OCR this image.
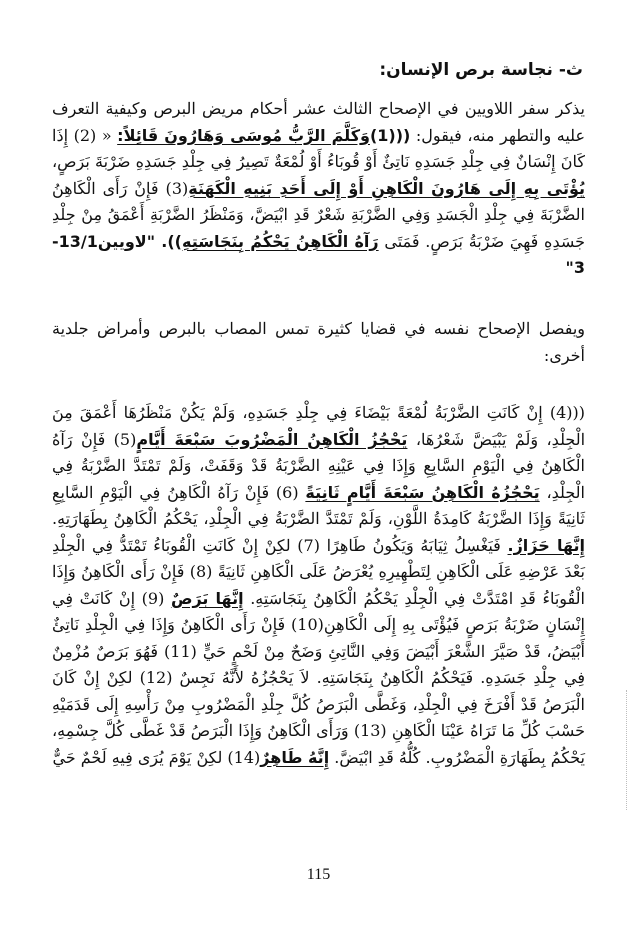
ث- نجاسة برص الإنسان:

يذكر سفر اللاويين في الإصحاح الثالث عشر أحكام مريض البرص وكيفية التعرف عليه والتطهر منه، فيقول: (((1)وَكَلَّمَ الرَّبُّ مُوسَى وَهَارُونَ قَائِلاً: « (2) إِذَا كَانَ إِنْسَانٌ فِي جِلْدِ جَسَدِهِ نَاتِئٌ أَوْ قُوبَاءُ أَوْ لُمْعَةٌ تَصِيرُ فِي جِلْدِ جَسَدِهِ ضَرْبَةَ بَرَصٍ، يُؤْتَى بِهِ إِلَى هَارُونَ الْكَاهِنِ أَوْ إِلَى أَحَدِ بَنِيهِ الْكَهَنَةِ(3) فَإِنْ رَأَى الْكَاهِنُ الضَّرْبَةَ فِي جِلْدِ الْجَسَدِ وَفِي الضَّرْبَةِ شَعْرٌ قَدِ ابْيَضَّ، وَمَنْظَرُ الضَّرْبَةِ أَعْمَقُ مِنْ جِلْدِ جَسَدِهِ فَهِيَ ضَرْبَةُ بَرَصٍ. فَمَتَى رَآهُ الْكَاهِنُ يَحْكُمُ بِنَجَاسَتِهِ)). "لاويين13/1-3"

ويفصل الإصحاح نفسه في قضايا كثيرة تمس المصاب بالبرص وأمراض جلدية أخرى:

(((4) إِنْ كَانَتِ الضَّرْبَةُ لُمْعَةً بَيْضَاءَ فِي جِلْدِ جَسَدِهِ، وَلَمْ يَكُنْ مَنْظَرُهَا أَعْمَقَ مِنَ الْجِلْدِ، وَلَمْ يَبْيَضَّ شَعْرُهَا، يَحْجُزُ الْكَاهِنُ الْمَضْرُوبَ سَبْعَةَ أَيَّامٍ(5) فَإِنْ رَآهُ الْكَاهِنُ فِي الْيَوْمِ السَّابِعِ وَإِذَا فِي عَيْنِهِ الضَّرْبَةُ قَدْ وَقَفَتْ، وَلَمْ تَمْتَدَّ الضَّرْبَةُ فِي الْجِلْدِ، يَحْجُزُهُ الْكَاهِنُ سَبْعَةَ أَيَّامٍ ثَانِيَةً (6) فَإِنْ رَآهُ الْكَاهِنُ فِي الْيَوْمِ السَّابِعِ ثَانِيَةً وَإِذَا الضَّرْبَةُ كَامِدَةُ اللَّوْنِ، وَلَمْ تَمْتَدَّ الضَّرْبَةُ فِي الْجِلْدِ، يَحْكُمُ الْكَاهِنُ بِطَهَارَتِهِ. إِنَّهَا حَزَازٌ. فَيَغْسِلُ ثِيَابَهُ وَيَكُونُ طَاهِرًا (7) لكِنْ إِنْ كَانَتِ الْقُوبَاءُ تَمْتَدُّ فِي الْجِلْدِ بَعْدَ عَرْضِهِ عَلَى الْكَاهِنِ لِتَطْهِيرِهِ يُعْرَضُ عَلَى الْكَاهِنِ ثَانِيَةً (8) فَإِنْ رَأَى الْكَاهِنُ وَإِذَا الْقُوبَاءُ قَدِ امْتَدَّتْ فِي الْجِلْدِ يَحْكُمُ الْكَاهِنُ بِنَجَاسَتِهِ. إِنَّهَا بَرَصٌ (9) إِنْ كَانَتْ فِي إِنْسَانٍ ضَرْبَةُ بَرَصٍ فَيُؤْتَى بِهِ إِلَى الْكَاهِنِ(10) فَإِنْ رَأَى الْكَاهِنُ وَإِذَا فِي الْجِلْدِ نَاتِئٌ أَبْيَضُ، قَدْ صَيَّرَ الشَّعْرَ أَبْيَضَ وَفِي النَّاتِئِ وَضَحٌ مِنْ لَحْمٍ حَيٍّ (11) فَهُوَ بَرَصٌ مُزْمِنٌ فِي جِلْدِ جَسَدِهِ. فَيَحْكُمُ الْكَاهِنُ بِنَجَاسَتِهِ. لاَ يَحْجُزُهُ لأَنَّهُ نَجِسٌ (12) لكِنْ إِنْ كَانَ الْبَرَصُ قَدْ أَفْرَخَ فِي الْجِلْدِ، وَغَطَّى الْبَرَصُ كُلَّ جِلْدِ الْمَضْرُوبِ مِنْ رَأْسِهِ إِلَى قَدَمَيْهِ حَسْبَ كُلِّ مَا تَرَاهُ عَيْنَا الْكَاهِنِ (13) وَرَأَى الْكَاهِنُ وَإِذَا الْبَرَصُ قَدْ غَطَّى كُلَّ جِسْمِهِ، يَحْكُمُ بِطَهَارَةِ الْمَضْرُوبِ. كُلُّهُ قَدِ ابْيَضَّ. إِنَّهُ طَاهِرٌ(14) لكِنْ يَوْمَ يُرَى فِيهِ لَحْمٌ حَيٌّ

115
